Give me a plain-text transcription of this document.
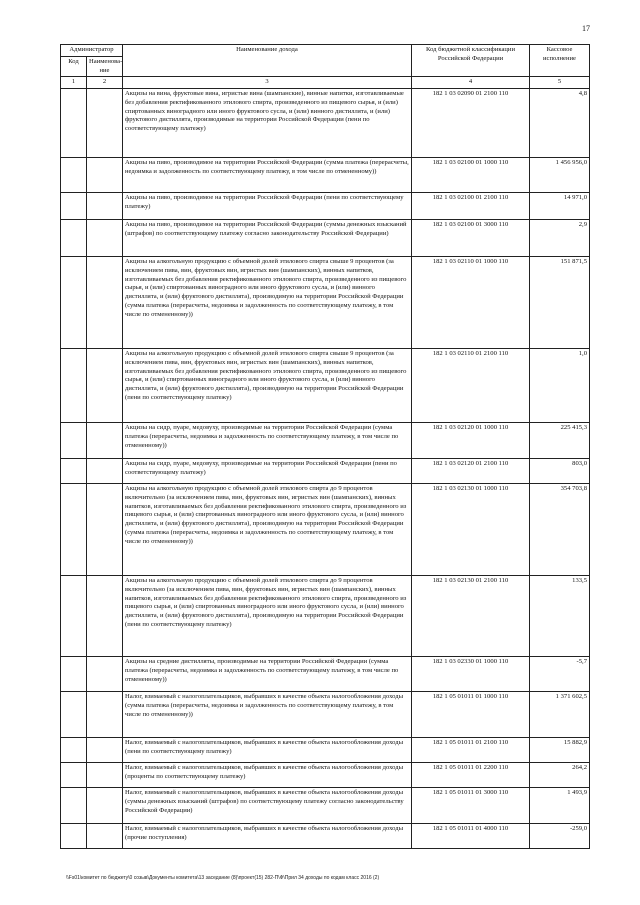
17
Администратор		Наименование дохода	Код бюджетной классификации Российской Федерации	Кассовое исполнение
Код	Наименова-ние			
1	2	3	4	5
		Акцизы на вина, фруктовые вина, игристые вина (шампанские), винные напитки, изготавливаемые без добавления ректификованного этилового спирта, произведенного из пищевого сырья, и (или) спиртованных виноградного или иного фруктового сусла, и (или) винного дистиллята, и (или) фруктового дистиллята, производимые на территории Российской Федерации (пени по соответствующему платежу)	182 1 03 02090 01 2100 110	4,8
		Акцизы на пиво, производимое на территории Российской Федерации (сумма платежа (перерасчеты, недоимка и задолженность по соответствующему платежу, в том числе по отмененному))	182 1 03 02100 01 1000 110	1 456 956,0
		Акцизы на пиво, производимое на территории Российской Федерации (пени по соответствующему платежу)	182 1 03 02100 01 2100 110	14 971,0
		Акцизы на пиво, производимое на территории Российской Федерации (суммы денежных взысканий (штрафов) по соответствующему платежу согласно законодательству Российской Федерации)	182 1 03 02100 01 3000 110	2,9
		Акцизы на алкогольную продукцию с объемной долей этилового спирта свыше 9 процентов (за исключением пива, вин, фруктовых вин, игристых вин (шампанских), винных напитков, изготавливаемых без добавления ректификованного этилового спирта, произведенного из пищевого сырья, и (или) спиртованных виноградного или иного фруктового сусла, и (или) винного дистиллята, и (или) фруктового дистиллята), производимую на территории Российской Федерации (сумма платежа (перерасчеты, недоимка и задолженность по соответствующему платежу, в том числе по отмененному))	182 1 03 02110 01 1000 110	151 871,5
		Акцизы на алкогольную продукцию с объемной долей этилового спирта свыше 9 процентов (за исключением пива, вин, фруктовых вин, игристых вин (шампанских), винных напитков, изготавливаемых без добавления ректификованного этилового спирта, произведенного из пищевого сырья, и (или) спиртованных виноградного или иного фруктового сусла, и (или) винного дистиллята, и (или) фруктового дистиллята), производимую на территории Российской Федерации (пени по соответствующему платежу)	182 1 03 02110 01 2100 110	1,0
		Акцизы на сидр, пуаре, медовуху, производимые на территории Российской Федерации (сумма платежа (перерасчеты, недоимка и задолженность по соответствующему платежу, в том числе по отмененному))	182 1 03 02120 01 1000 110	225 415,3
		Акцизы на сидр, пуаре, медовуху, производимые на территории Российской Федерации (пени по соответствующему платежу)	182 1 03 02120 01 2100 110	803,0
		Акцизы на алкогольную продукцию с объемной долей этилового спирта до 9 процентов включительно (за исключением пива, вин, фруктовых вин, игристых вин (шампанских), винных напитков, изготавливаемых без добавления ректификованного этилового спирта, произведенного из пищевого сырья, и (или) спиртованных виноградного или иного фруктового сусла, и (или) винного дистиллята, и (или) фруктового дистиллята), производимую на территории Российской Федерации (сумма платежа (перерасчеты, недоимка и задолженность по соответствующему платежу, в том числе по отмененному))	182 1 03 02130 01 1000 110	354 703,8
		Акцизы на алкогольную продукцию с объемной долей этилового спирта до 9 процентов включительно (за исключением пива, вин, фруктовых вин, игристых вин (шампанских), винных напитков, изготавливаемых без добавления ректификованного этилового спирта, произведенного из пищевого сырья, и (или) спиртованных виноградного или иного фруктового сусла, и (или) винного дистиллята, и (или) фруктового дистиллята), производимую на территории Российской Федерации (пени по соответствующему платежу)	182 1 03 02130 01 2100 110	133,5
		Акцизы на средние дистилляты, производимые на территории Российской Федерации (сумма платежа (перерасчеты, недоимка и задолженность по соответствующему платежу, в том числе по отмененному))	182 1 03 02330 01 1000 110	-5,7
		Налог, взимаемый с налогоплательщиков, выбравших в качестве объекта налогообложения доходы (сумма платежа (перерасчеты, недоимка и задолженность по соответствующему платежу, в том числе по отмененному))	182 1 05 01011 01 1000 110	1 371 602,5
		Налог, взимаемый с налогоплательщиков, выбравших в качестве объекта налогообложения доходы (пени по соответствующему платежу)	182 1 05 01011 01 2100 110	15 882,9
		Налог, взимаемый с налогоплательщиков, выбравших в качестве объекта налогообложения доходы (проценты по соответствующему платежу)	182 1 05 01011 01 2200 110	264,2
		Налог, взимаемый с налогоплательщиков, выбравших в качестве объекта налогообложения доходы (суммы денежных взысканий (штрафов) по соответствующему платежу согласно законодательству Российской Федерации)	182 1 05 01011 01 3000 110	1 493,9
		Налог, взимаемый с налогоплательщиков, выбравших в качестве объекта налогообложения доходы (прочие поступления)	182 1 05 01011 01 4000 110	-259,0
\\Fs01\комитет по бюджету\0 созыв\Документы комитета\13 заседание (8)\проект(15) 282-П\Ф\Прил 34 доходы по кодам класс 2016 (2)
